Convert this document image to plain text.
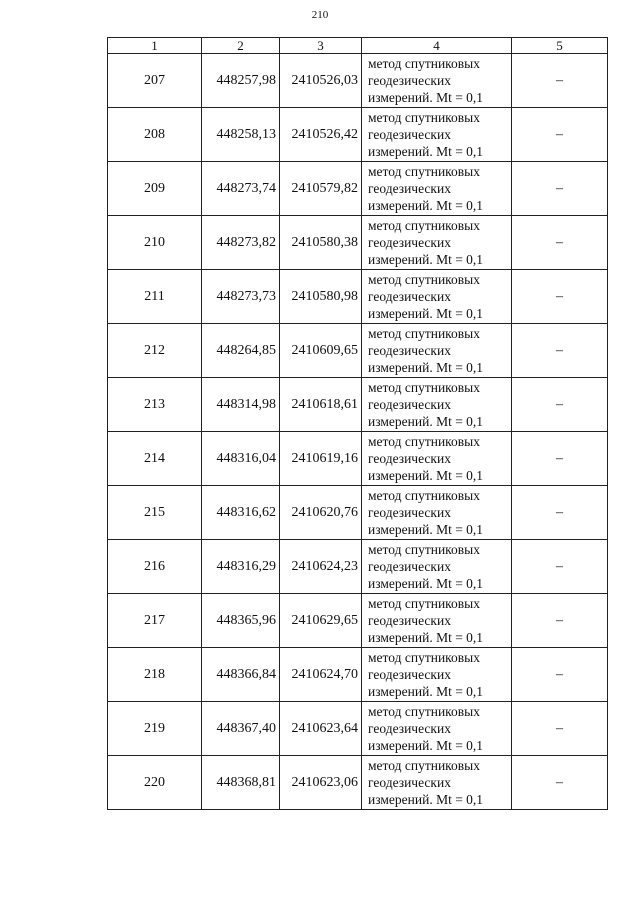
210
1	2	3	4	5
207	448257,98	2410526,03	метод спутниковых
геодезических
измерений. Mt = 0,1	–
208	448258,13	2410526,42	метод спутниковых
геодезических
измерений. Mt = 0,1	–
209	448273,74	2410579,82	метод спутниковых
геодезических
измерений. Mt = 0,1	–
210	448273,82	2410580,38	метод спутниковых
геодезических
измерений. Mt = 0,1	–
211	448273,73	2410580,98	метод спутниковых
геодезических
измерений. Mt = 0,1	–
212	448264,85	2410609,65	метод спутниковых
геодезических
измерений. Mt = 0,1	–
213	448314,98	2410618,61	метод спутниковых
геодезических
измерений. Mt = 0,1	–
214	448316,04	2410619,16	метод спутниковых
геодезических
измерений. Mt = 0,1	–
215	448316,62	2410620,76	метод спутниковых
геодезических
измерений. Mt = 0,1	–
216	448316,29	2410624,23	метод спутниковых
геодезических
измерений. Mt = 0,1	–
217	448365,96	2410629,65	метод спутниковых
геодезических
измерений. Mt = 0,1	–
218	448366,84	2410624,70	метод спутниковых
геодезических
измерений. Mt = 0,1	–
219	448367,40	2410623,64	метод спутниковых
геодезических
измерений. Mt = 0,1	–
220	448368,81	2410623,06	метод спутниковых
геодезических
измерений. Mt = 0,1	–
